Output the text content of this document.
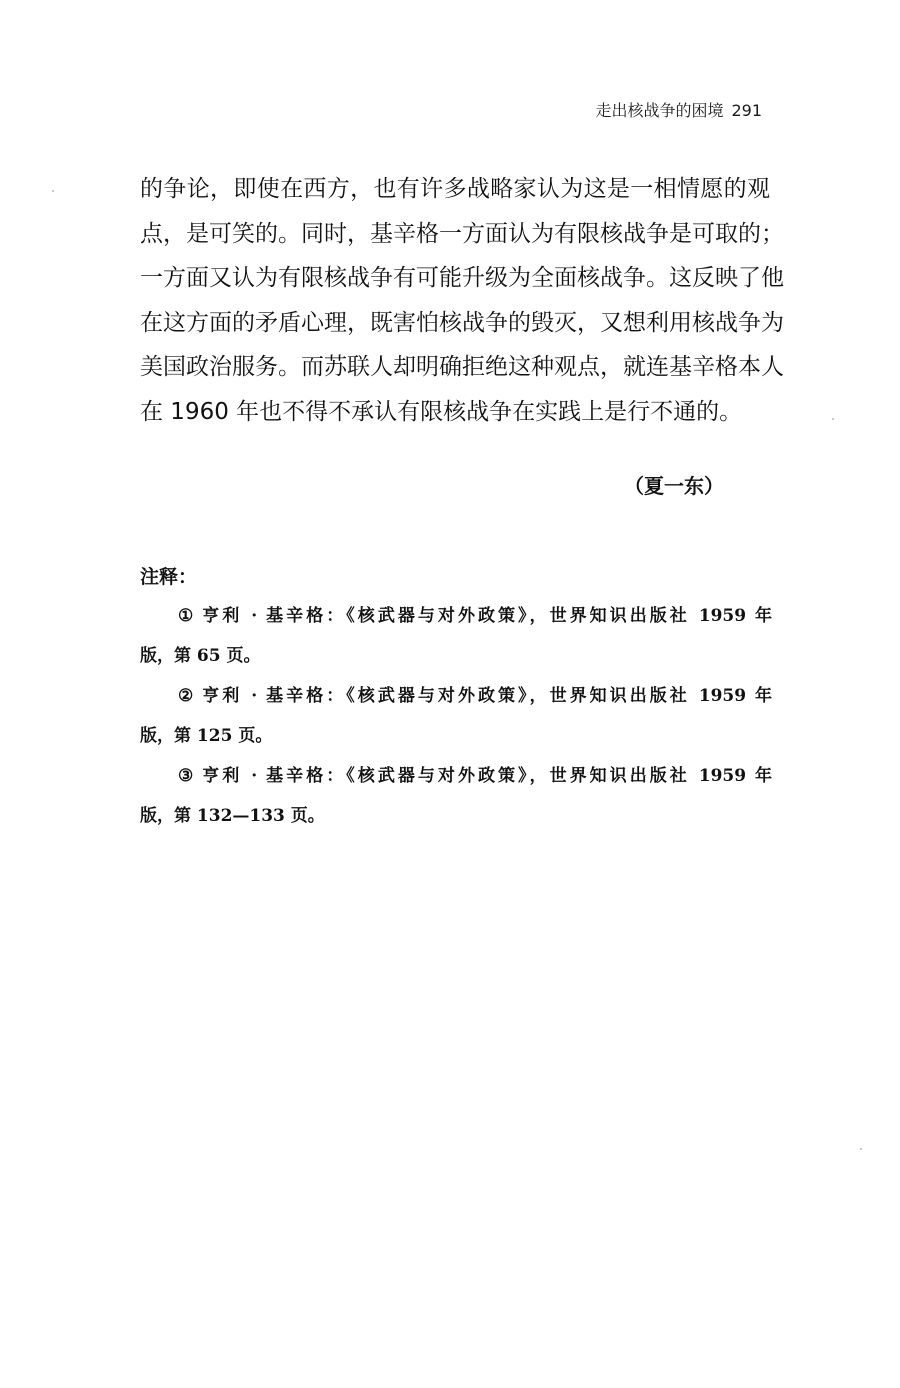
走出核战争的困境 291
的争论，即使在西方，也有许多战略家认为这是一相情愿的观
点，是可笑的。同时，基辛格一方面认为有限核战争是可取的；
一方面又认为有限核战争有可能升级为全面核战争。这反映了他
在这方面的矛盾心理，既害怕核战争的毁灭，又想利用核战争为
美国政治服务。而苏联人却明确拒绝这种观点，就连基辛格本人
在 1960 年也不得不承认有限核战争在实践上是行不通的。
（夏一东）
注释：
① 亨利 · 基辛格：《核武器与对外政策》，世界知识出版社 1959 年
版，第 65 页。
② 亨利 · 基辛格：《核武器与对外政策》，世界知识出版社 1959 年
版，第 125 页。
③ 亨利 · 基辛格：《核武器与对外政策》，世界知识出版社 1959 年
版，第 132—133 页。
